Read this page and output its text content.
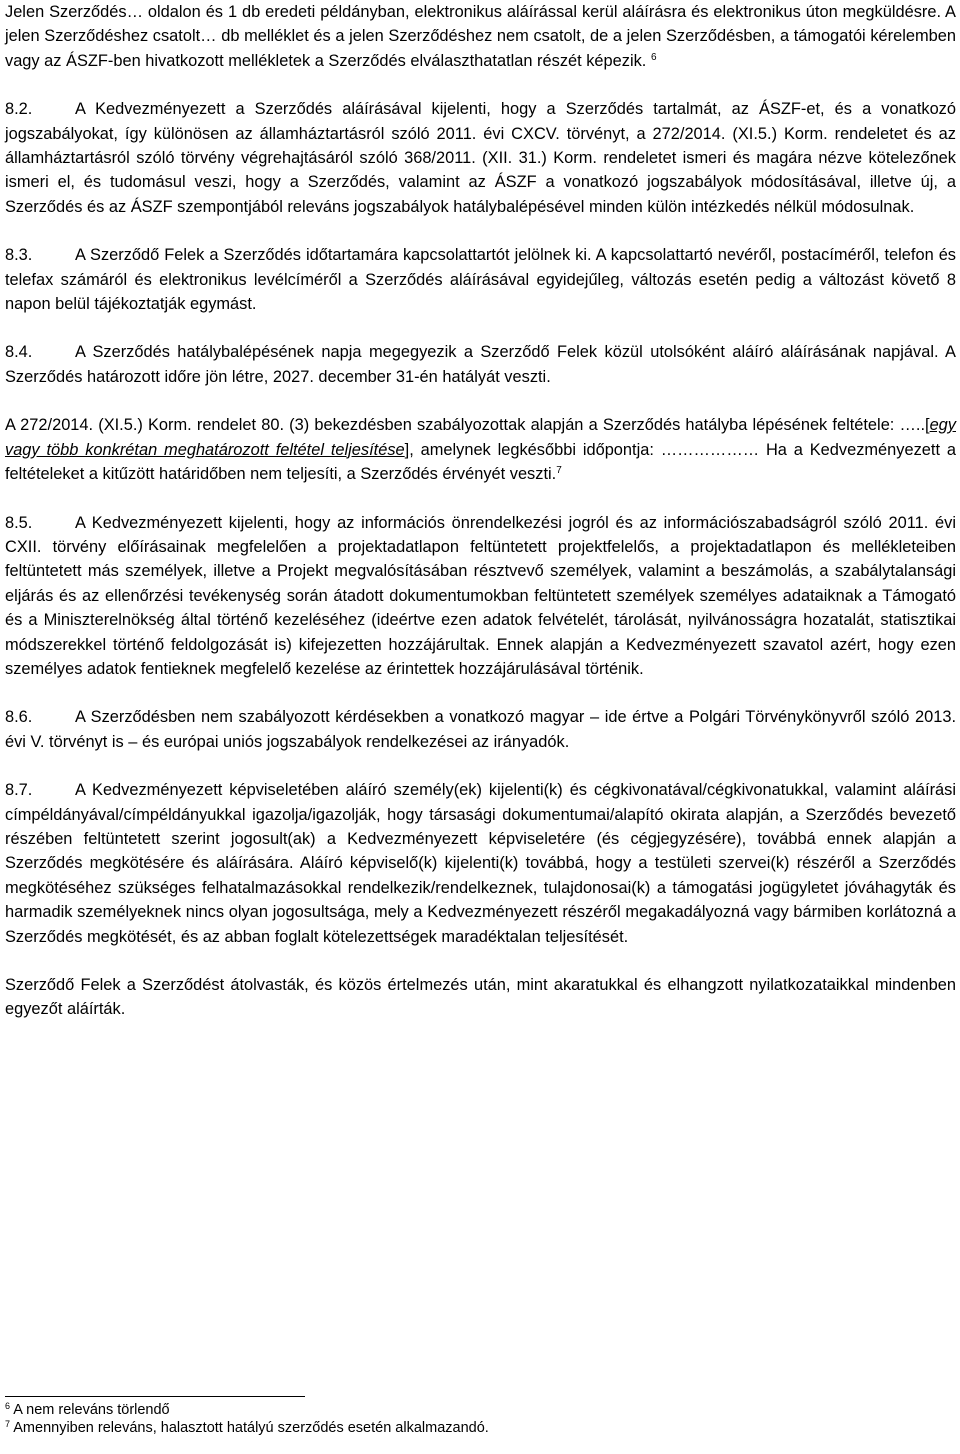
Jelen Szerződés… oldalon és 1 db eredeti példányban, elektronikus aláírással kerül aláírásra és elektronikus úton megküldésre. A jelen Szerződéshez csatolt… db melléklet és a jelen Szerződéshez nem csatolt, de a jelen Szerződésben, a támogatói kérelemben vagy az ÁSZF-ben hivatkozott mellékletek a Szerződés elválaszthatatlan részét képezik. $^6$

8.2.	A Kedvezményezett a Szerződés aláírásával kijelenti, hogy a Szerződés tartalmát, az ÁSZF-et, és a vonatkozó jogszabályokat, így különösen az államháztartásról szóló 2011. évi CXCV. törvényt, a 272/2014. (XI.5.) Korm. rendeletet és az államháztartásról szóló törvény végrehajtásáról szóló 368/2011. (XII. 31.) Korm. rendeletet ismeri és magára nézve kötelezőnek ismeri el, és tudomásul veszi, hogy a Szerződés, valamint az ÁSZF a vonatkozó jogszabályok módosításával, illetve új, a Szerződés és az ÁSZF szempontjából releváns jogszabályok hatálybalépésével minden külön intézkedés nélkül módosulnak.

8.3.	A Szerződő Felek a Szerződés időtartamára kapcsolattartót jelölnek ki. A kapcsolattartó nevéről, postacíméről, telefon és telefax számáról és elektronikus levélcíméről a Szerződés aláírásával egyidejűleg, változás esetén pedig a változást követő 8 napon belül tájékoztatják egymást.

8.4.	A Szerződés hatálybalépésének napja megegyezik a Szerződő Felek közül utolsóként aláíró aláírásának napjával. A Szerződés határozott időre jön létre, 2027. december 31-én hatályát veszti.

A 272/2014. (XI.5.) Korm. rendelet 80. (3) bekezdésben szabályozottak alapján a Szerződés hatályba lépésének feltétele: …..[egy vagy több konkrétan meghatározott feltétel teljesítése], amelynek legkésőbbi időpontja: ……………… Ha a Kedvezményezett a feltételeket a kitűzött határidőben nem teljesíti, a Szerződés érvényét veszti.$^7$

8.5.	A Kedvezményezett kijelenti, hogy az információs önrendelkezési jogról és az információszabadságról szóló 2011. évi CXII. törvény előírásainak megfelelően a projektadatlapon feltüntetett projektfelelős, a projektadatlapon és mellékleteiben feltüntetett más személyek, illetve a Projekt megvalósításában résztvevő személyek, valamint a beszámolás, a szabálytalansági eljárás és az ellenőrzési tevékenység során átadott dokumentumokban feltüntetett személyek személyes adataiknak a Támogató és a Miniszterelnökség által történő kezeléséhez (ideértve ezen adatok felvételét, tárolását, nyilvánosságra hozatalát, statisztikai módszerekkel történő feldolgozását is) kifejezetten hozzájárultak. Ennek alapján a Kedvezményezett szavatol azért, hogy ezen személyes adatok fentieknek megfelelő kezelése az érintettek hozzájárulásával történik.

8.6.	A Szerződésben nem szabályozott kérdésekben a vonatkozó magyar – ide értve a Polgári Törvénykönyvről szóló 2013. évi V. törvényt is – és európai uniós jogszabályok rendelkezései az irányadók.

8.7.	A Kedvezményezett képviseletében aláíró személy(ek) kijelenti(k) és cégkivonatával/cégkivonatukkal, valamint aláírási címpéldányával/címpéldányukkal igazolja/igazolják, hogy társasági dokumentumai/alapító okirata alapján, a Szerződés bevezető részében feltüntetett szerint jogosult(ak) a Kedvezményezett képviseletére (és cégjegyzésére), továbbá ennek alapján a Szerződés megkötésére és aláírására. Aláíró képviselő(k) kijelenti(k) továbbá, hogy a testületi szervei(k) részéről a Szerződés megkötéséhez szükséges felhatalmazásokkal rendelkezik/rendelkeznek, tulajdonosai(k) a támogatási jogügyletet jóváhagyták és harmadik személyeknek nincs olyan jogosultsága, mely a Kedvezményezett részéről megakadályozná vagy bármiben korlátozná a Szerződés megkötését, és az abban foglalt kötelezettségek maradéktalan teljesítését.

Szerződő Felek a Szerződést átolvasták, és közös értelmezés után, mint akaratukkal és elhangzott nyilatkozataikkal mindenben egyezőt aláírták.

$^6$ A nem releváns törlendő

$^7$ Amennyiben releváns, halasztott hatályú szerződés esetén alkalmazandó.
